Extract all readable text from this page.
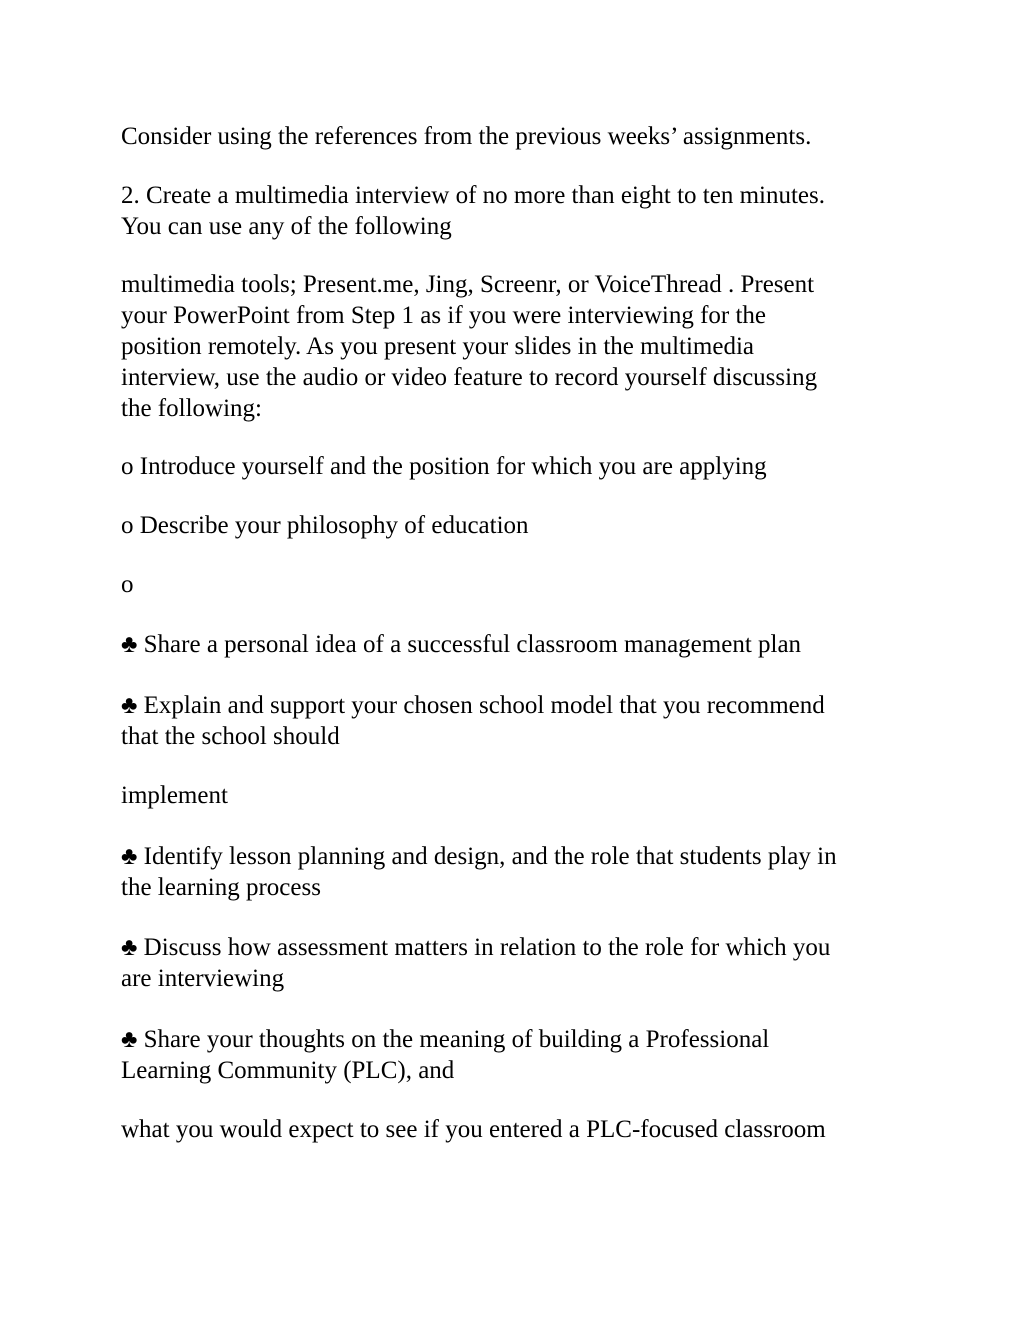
Consider using the references from the previous weeks’ assignments.

2. Create a multimedia interview of no more than eight to ten minutes.
You can use any of the following

multimedia tools; Present.me, Jing, Screenr, or VoiceThread . Present
your PowerPoint from Step 1 as if you were interviewing for the
position remotely. As you present your slides in the multimedia
interview, use the audio or video feature to record yourself discussing
the following:

o Introduce yourself and the position for which you are applying

o Describe your philosophy of education

o

♣ Share a personal idea of a successful classroom management plan

♣ Explain and support your chosen school model that you recommend
that the school should

implement

♣ Identify lesson planning and design, and the role that students play in
the learning process

♣ Discuss how assessment matters in relation to the role for which you
are interviewing

♣ Share your thoughts on the meaning of building a Professional
Learning Community (PLC), and

what you would expect to see if you entered a PLC-focused classroom
